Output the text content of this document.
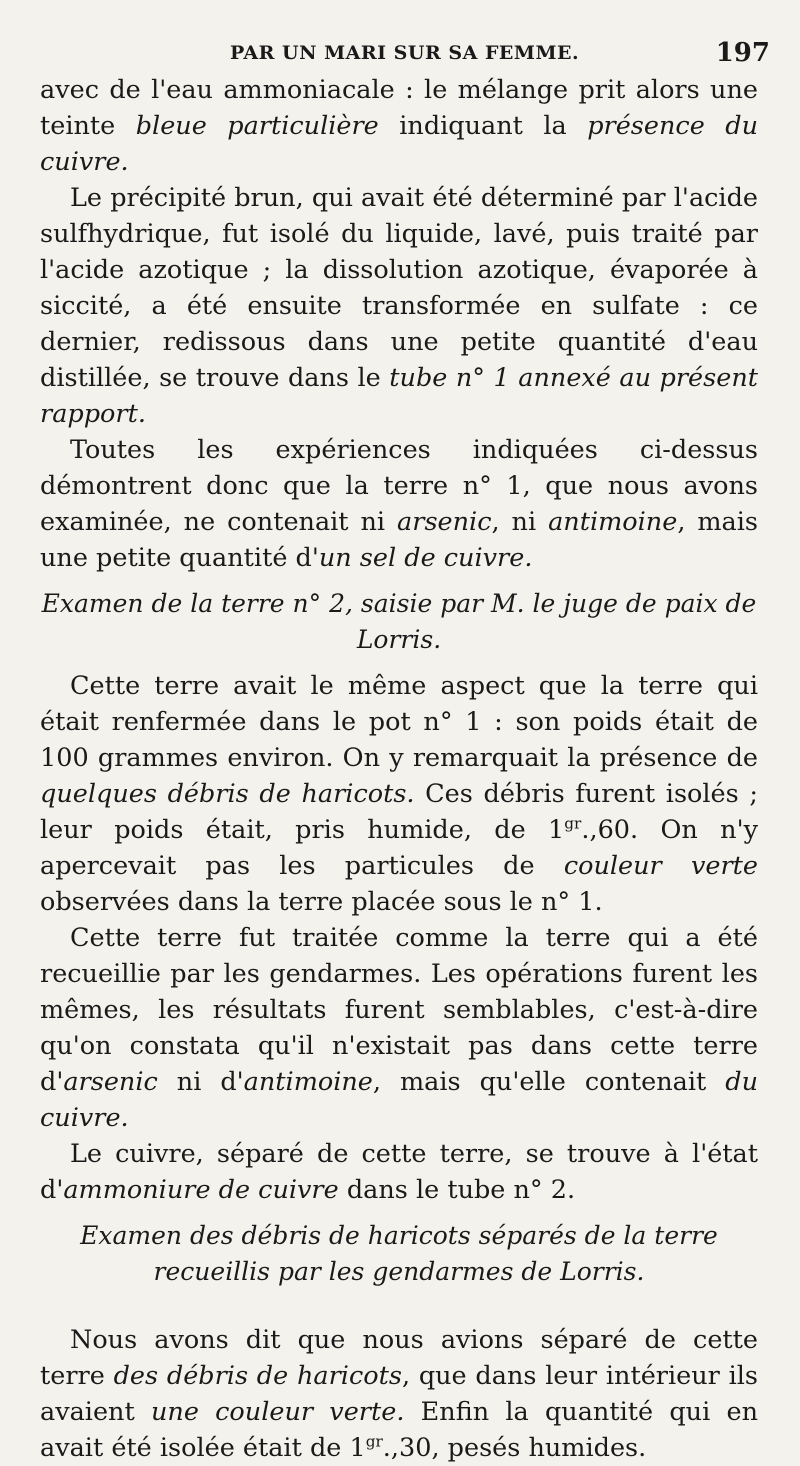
PAR UN MARI SUR SA FEMME.	197

avec de l'eau ammoniacale : le mélange prit alors une teinte bleue particulière indiquant la présence du cuivre.

Le précipité brun, qui avait été déterminé par l'acide sulfhydrique, fut isolé du liquide, lavé, puis traité par l'acide azotique ; la dissolution azotique, évaporée à siccité, a été ensuite transformée en sulfate : ce dernier, redissous dans une petite quantité d'eau distillée, se trouve dans le tube n° 1 annexé au présent rapport.

Toutes les expériences indiquées ci-dessus démontrent donc que la terre n° 1, que nous avons examinée, ne contenait ni arsenic, ni antimoine, mais une petite quantité d'un sel de cuivre.

Examen de la terre n° 2, saisie par M. le juge de paix de Lorris.

Cette terre avait le même aspect que la terre qui était renfermée dans le pot n° 1 : son poids était de 100 grammes environ. On y remarquait la présence de quelques débris de haricots. Ces débris furent isolés ; leur poids était, pris humide, de $1^{gr}.,60$. On n'y apercevait pas les particules de couleur verte observées dans la terre placée sous le n° 1.

Cette terre fut traitée comme la terre qui a été recueillie par les gendarmes. Les opérations furent les mêmes, les résultats furent semblables, c'est-à-dire qu'on constata qu'il n'existait pas dans cette terre d'arsenic ni d'antimoine, mais qu'elle contenait du cuivre.

Le cuivre, séparé de cette terre, se trouve à l'état d'ammoniure de cuivre dans le tube n° 2.

Examen des débris de haricots séparés de la terre recueillis par les gendarmes de Lorris.

Nous avons dit que nous avions séparé de cette terre des débris de haricots, que dans leur intérieur ils avaient une couleur verte. Enfin la quantité qui en avait été isolée était de $1^{gr}.,30$, pesés humides.
